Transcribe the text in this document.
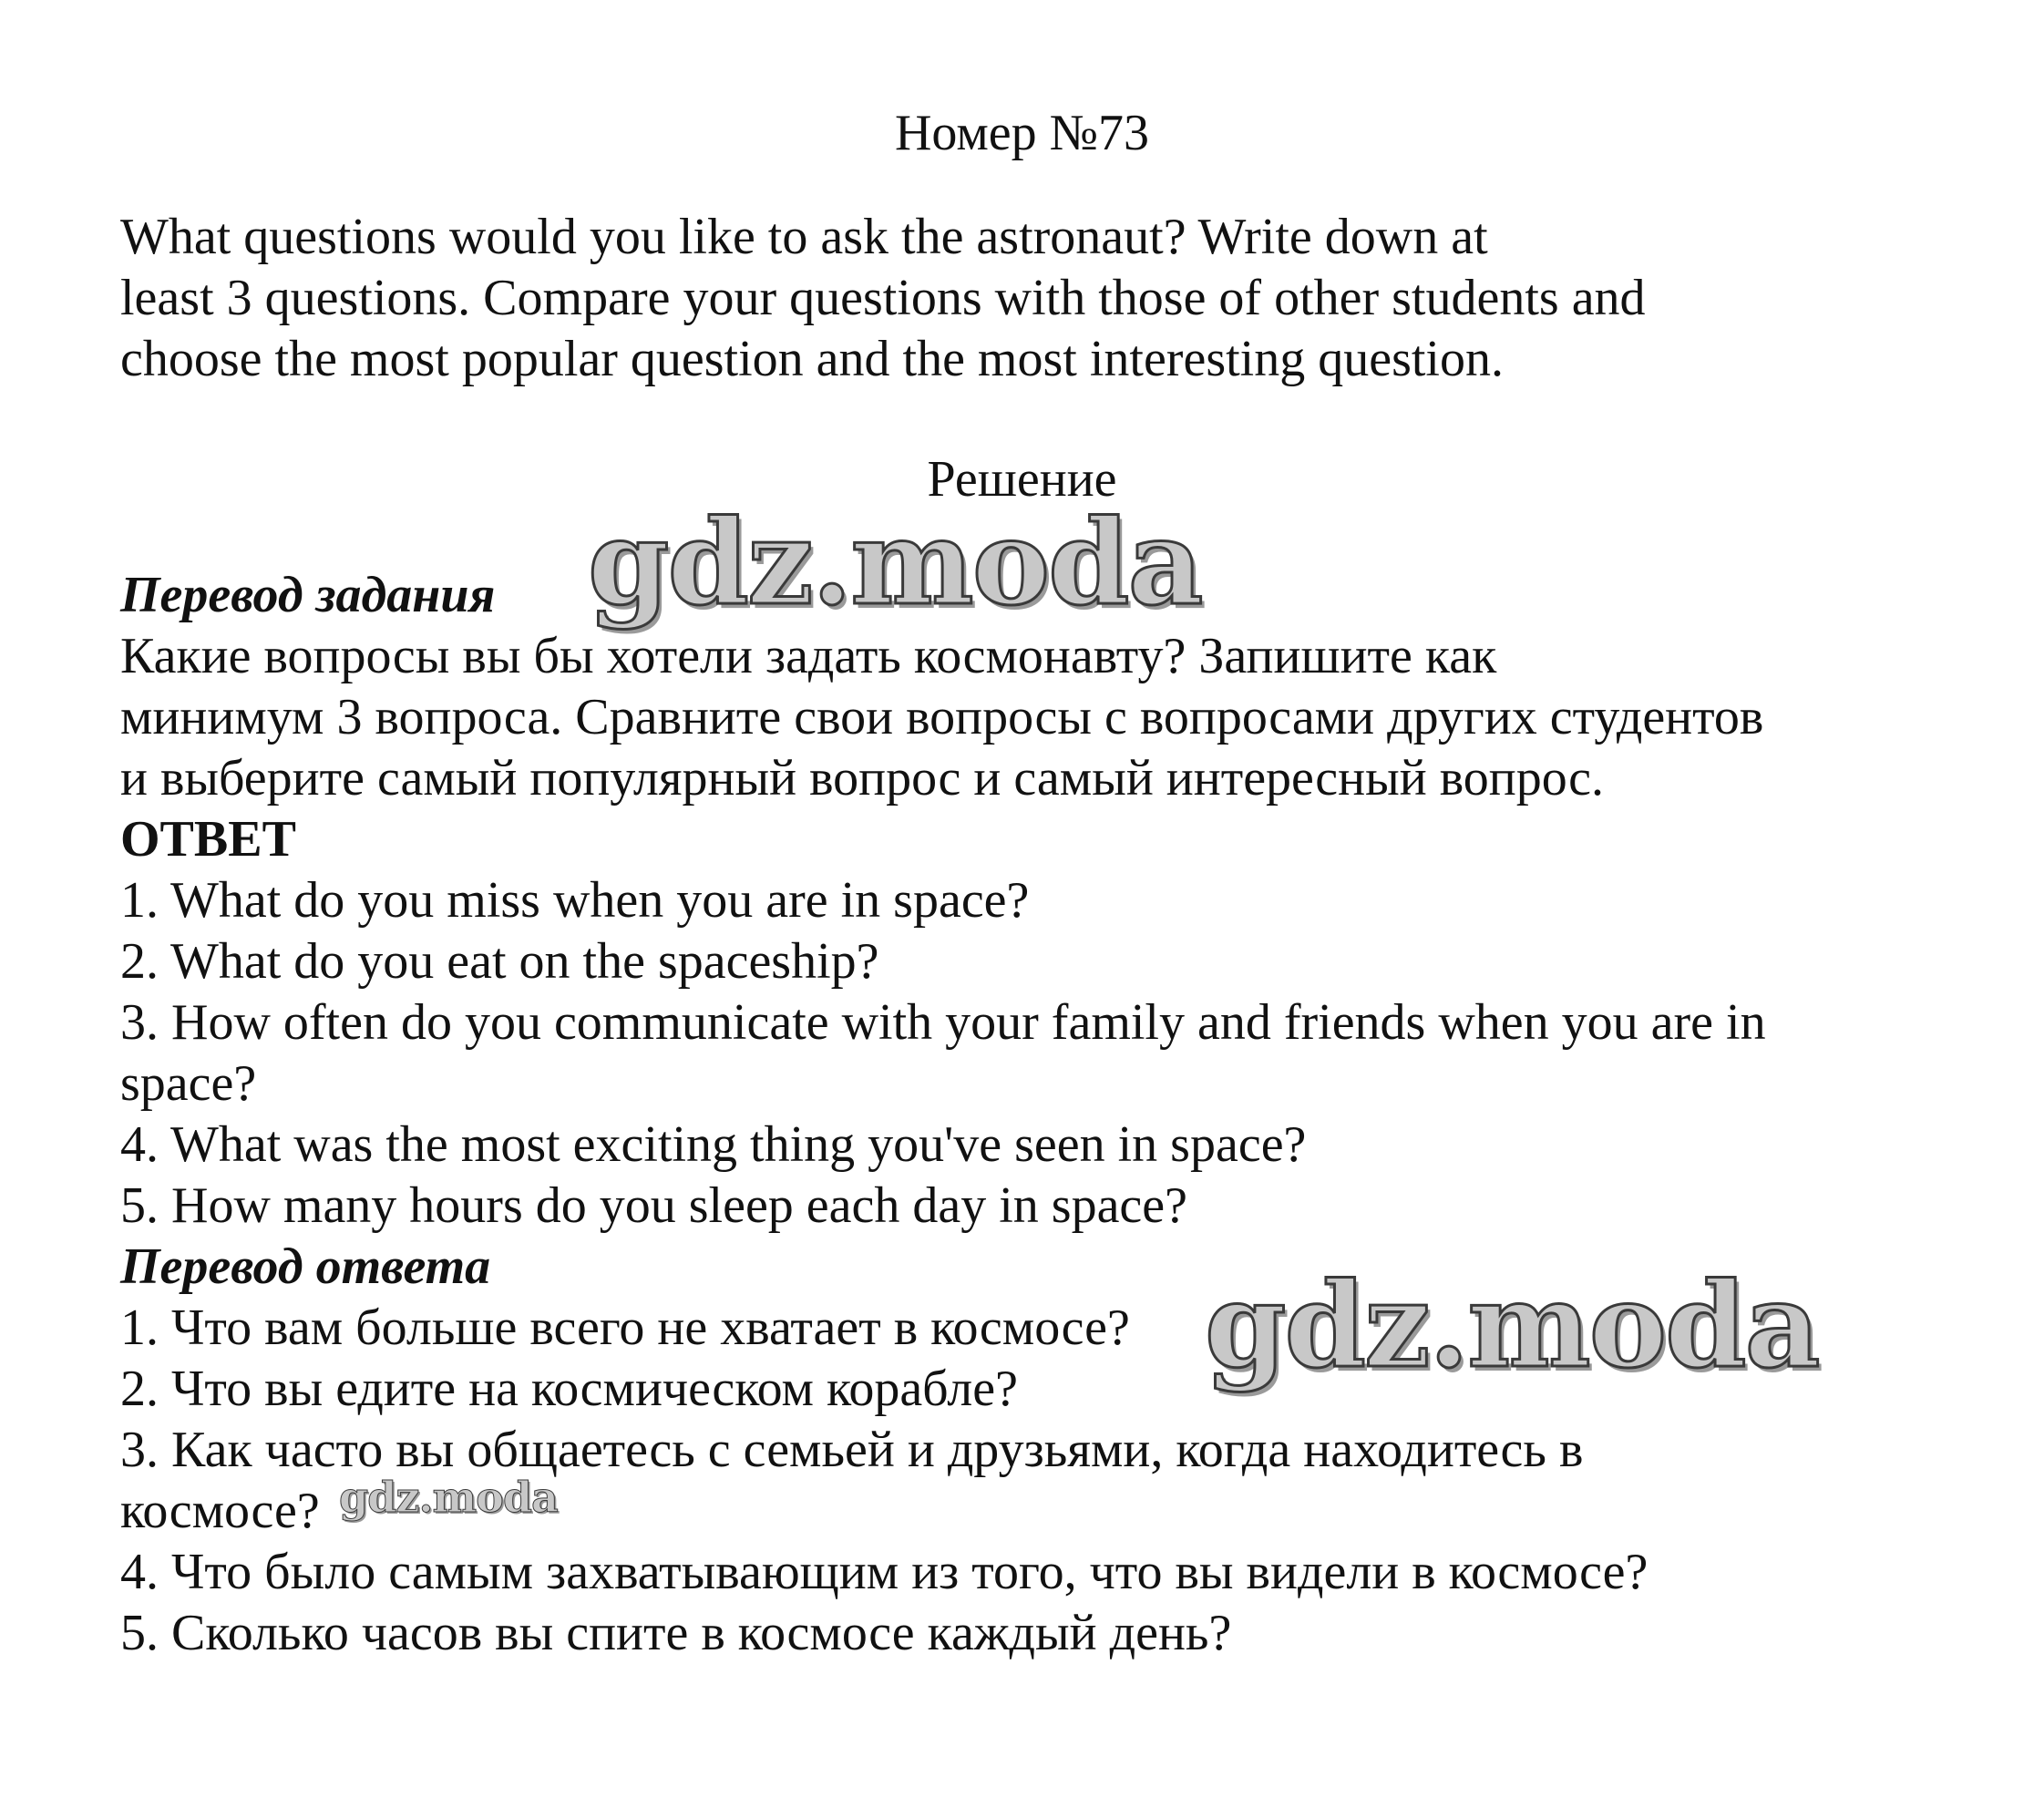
Номер №73
What questions would you like to ask the astronaut? Write down at
least 3 questions. Compare your questions with those of other students and
choose the most popular question and the most interesting question.
Решение
Перевод задания
Какие вопросы вы бы хотели задать космонавту? Запишите как
минимум 3 вопроса. Сравните свои вопросы с вопросами других студентов
и выберите самый популярный вопрос и самый интересный вопрос.
ОТВЕТ
1. What do you miss when you are in space?
2. What do you eat on the spaceship?
3. How often do you communicate with your family and friends when you are in
space?
4. What was the most exciting thing you've seen in space?
5. How many hours do you sleep each day in space?
Перевод ответа
1. Что вам больше всего не хватает в космосе?
2. Что вы едите на космическом корабле?
3. Как часто вы общаетесь с семьей и друзьями, когда находитесь в
космосе?
4. Что было самым захватывающим из того, что вы видели в космосе?
5. Сколько часов вы спите в космосе каждый день?
gdz.moda
gdz.moda
gdz.moda
